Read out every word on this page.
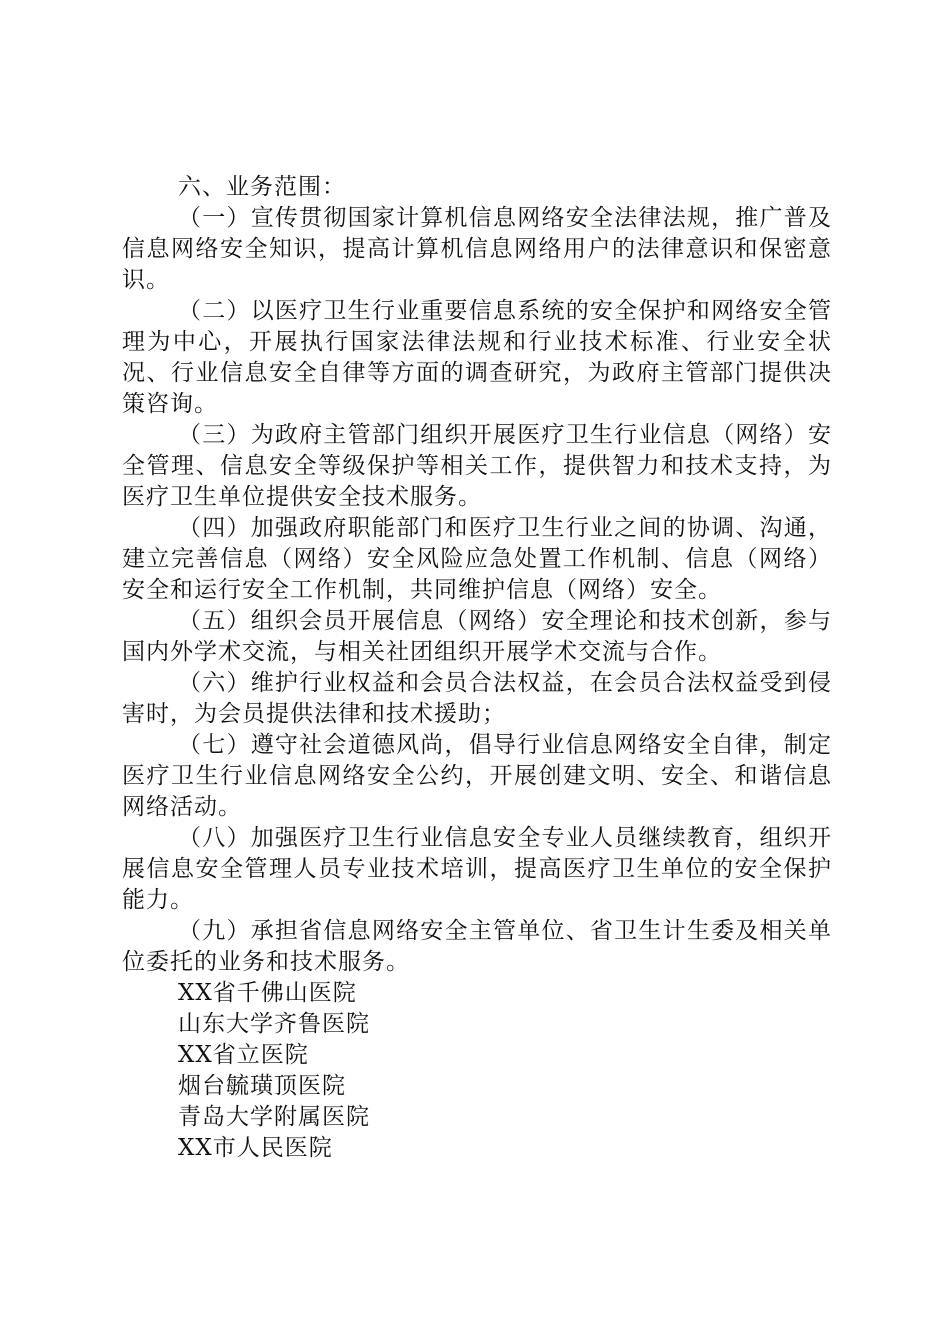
六、业务范围：

（一）宣传贯彻国家计算机信息网络安全法律法规，推广普及信息网络安全知识，提高计算机信息网络用户的法律意识和保密意识。

（二）以医疗卫生行业重要信息系统的安全保护和网络安全管理为中心，开展执行国家法律法规和行业技术标准、行业安全状况、行业信息安全自律等方面的调查研究，为政府主管部门提供决策咨询。

（三）为政府主管部门组织开展医疗卫生行业信息（网络）安全管理、信息安全等级保护等相关工作，提供智力和技术支持，为医疗卫生单位提供安全技术服务。

（四）加强政府职能部门和医疗卫生行业之间的协调、沟通，建立完善信息（网络）安全风险应急处置工作机制、信息（网络）安全和运行安全工作机制，共同维护信息（网络）安全。

（五）组织会员开展信息（网络）安全理论和技术创新，参与国内外学术交流，与相关社团组织开展学术交流与合作。

（六）维护行业权益和会员合法权益，在会员合法权益受到侵害时，为会员提供法律和技术援助；

（七）遵守社会道德风尚，倡导行业信息网络安全自律，制定医疗卫生行业信息网络安全公约，开展创建文明、安全、和谐信息网络活动。

（八）加强医疗卫生行业信息安全专业人员继续教育，组织开展信息安全管理人员专业技术培训，提高医疗卫生单位的安全保护能力。

（九）承担省信息网络安全主管单位、省卫生计生委及相关单位委托的业务和技术服务。

XX省千佛山医院
山东大学齐鲁医院
XX省立医院
烟台毓璜顶医院
青岛大学附属医院
XX市人民医院
